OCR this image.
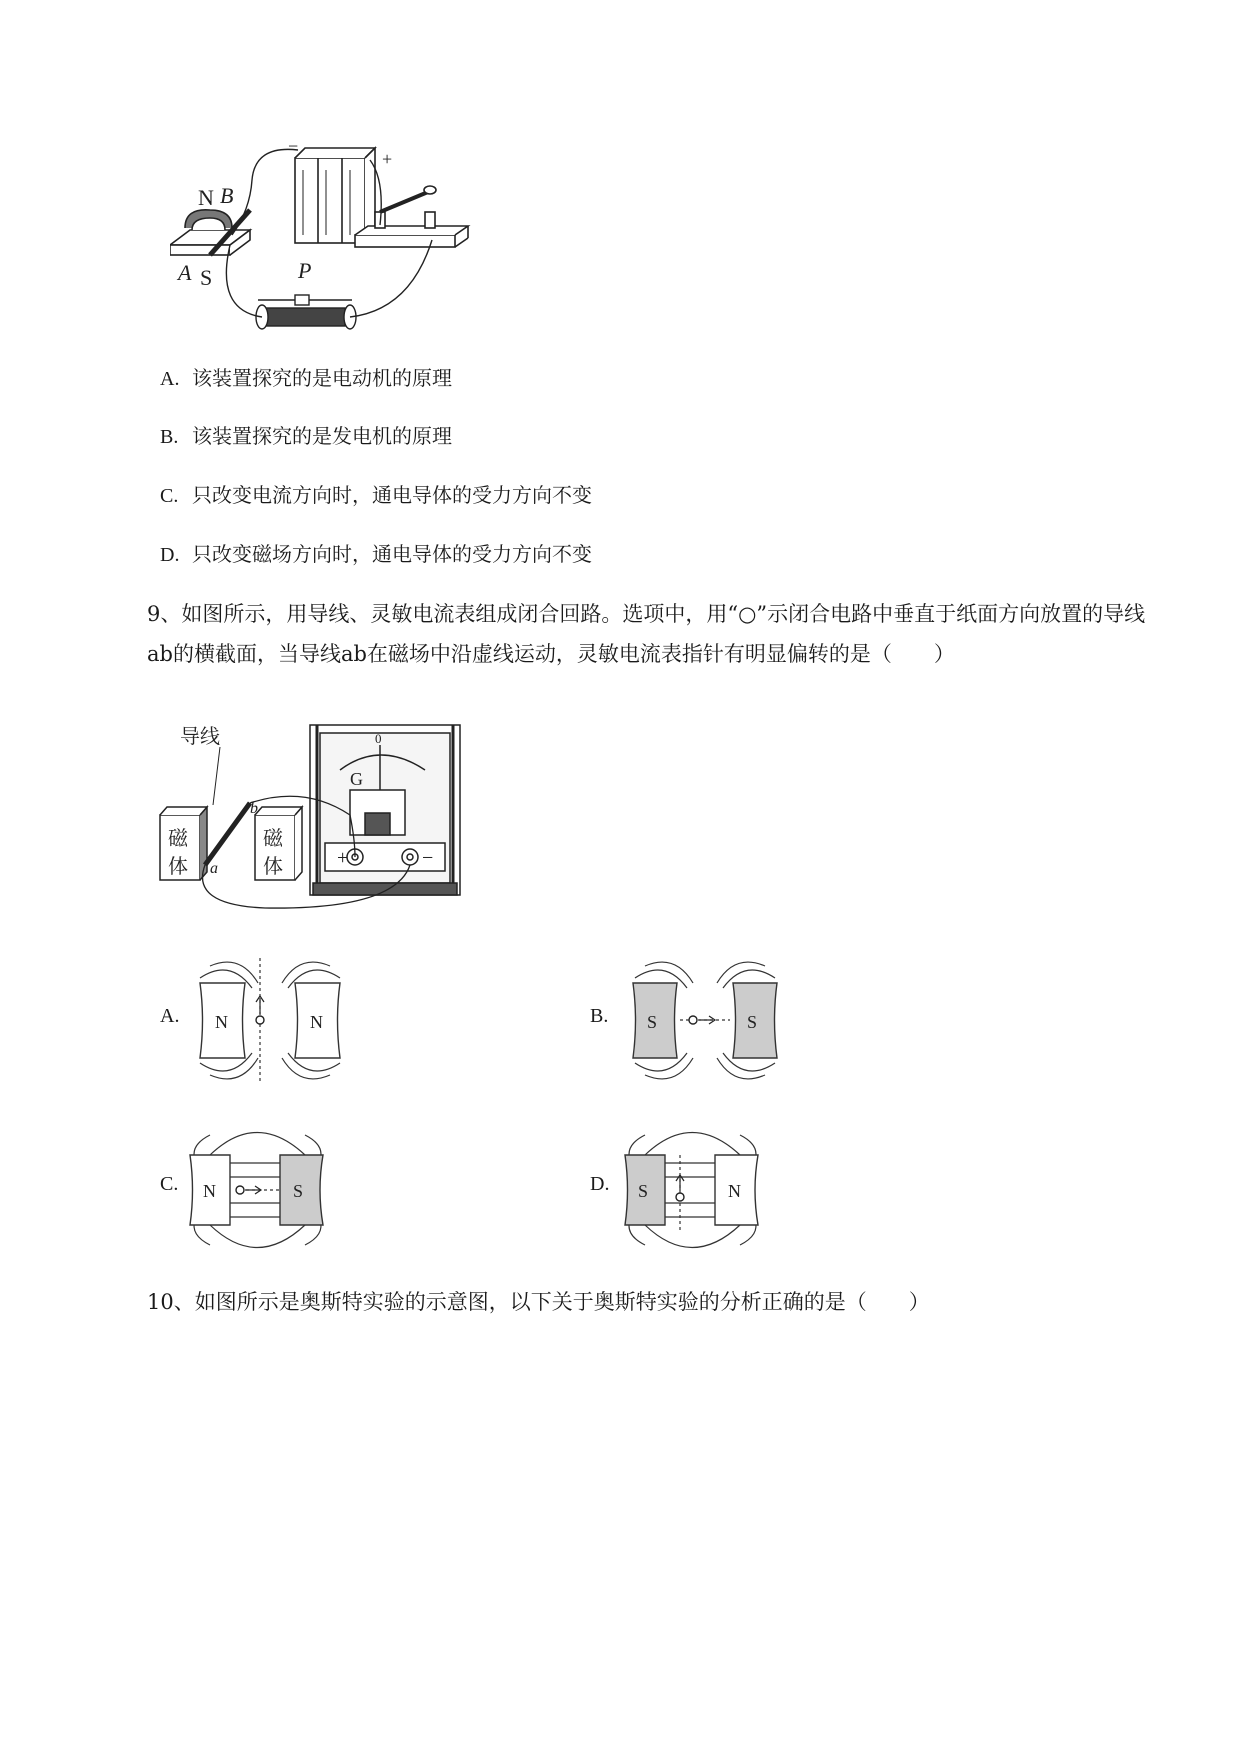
−
+
N B
A S	P
A. 该装置探究的是电动机的原理
B. 该装置探究的是发电机的原理
C. 只改变电流方向时，通电导体的受力方向不变
D. 只改变磁场方向时，通电导体的受力方向不变
9、如图所示，用导线、灵敏电流表组成闭合回路。选项中，用“○”示闭合电路中垂直于纸面方向放置的导线ab的横截面，当导线ab在磁场中沿虚线运动，灵敏电流表指针有明显偏转的是（　　）
导线
磁
体
磁
体
b
a
0
G
+	−
A. N	N	B. S	S
C. N	S	D. S	N
10、如图所示是奥斯特实验的示意图，以下关于奥斯特实验的分析正确的是（　　）
